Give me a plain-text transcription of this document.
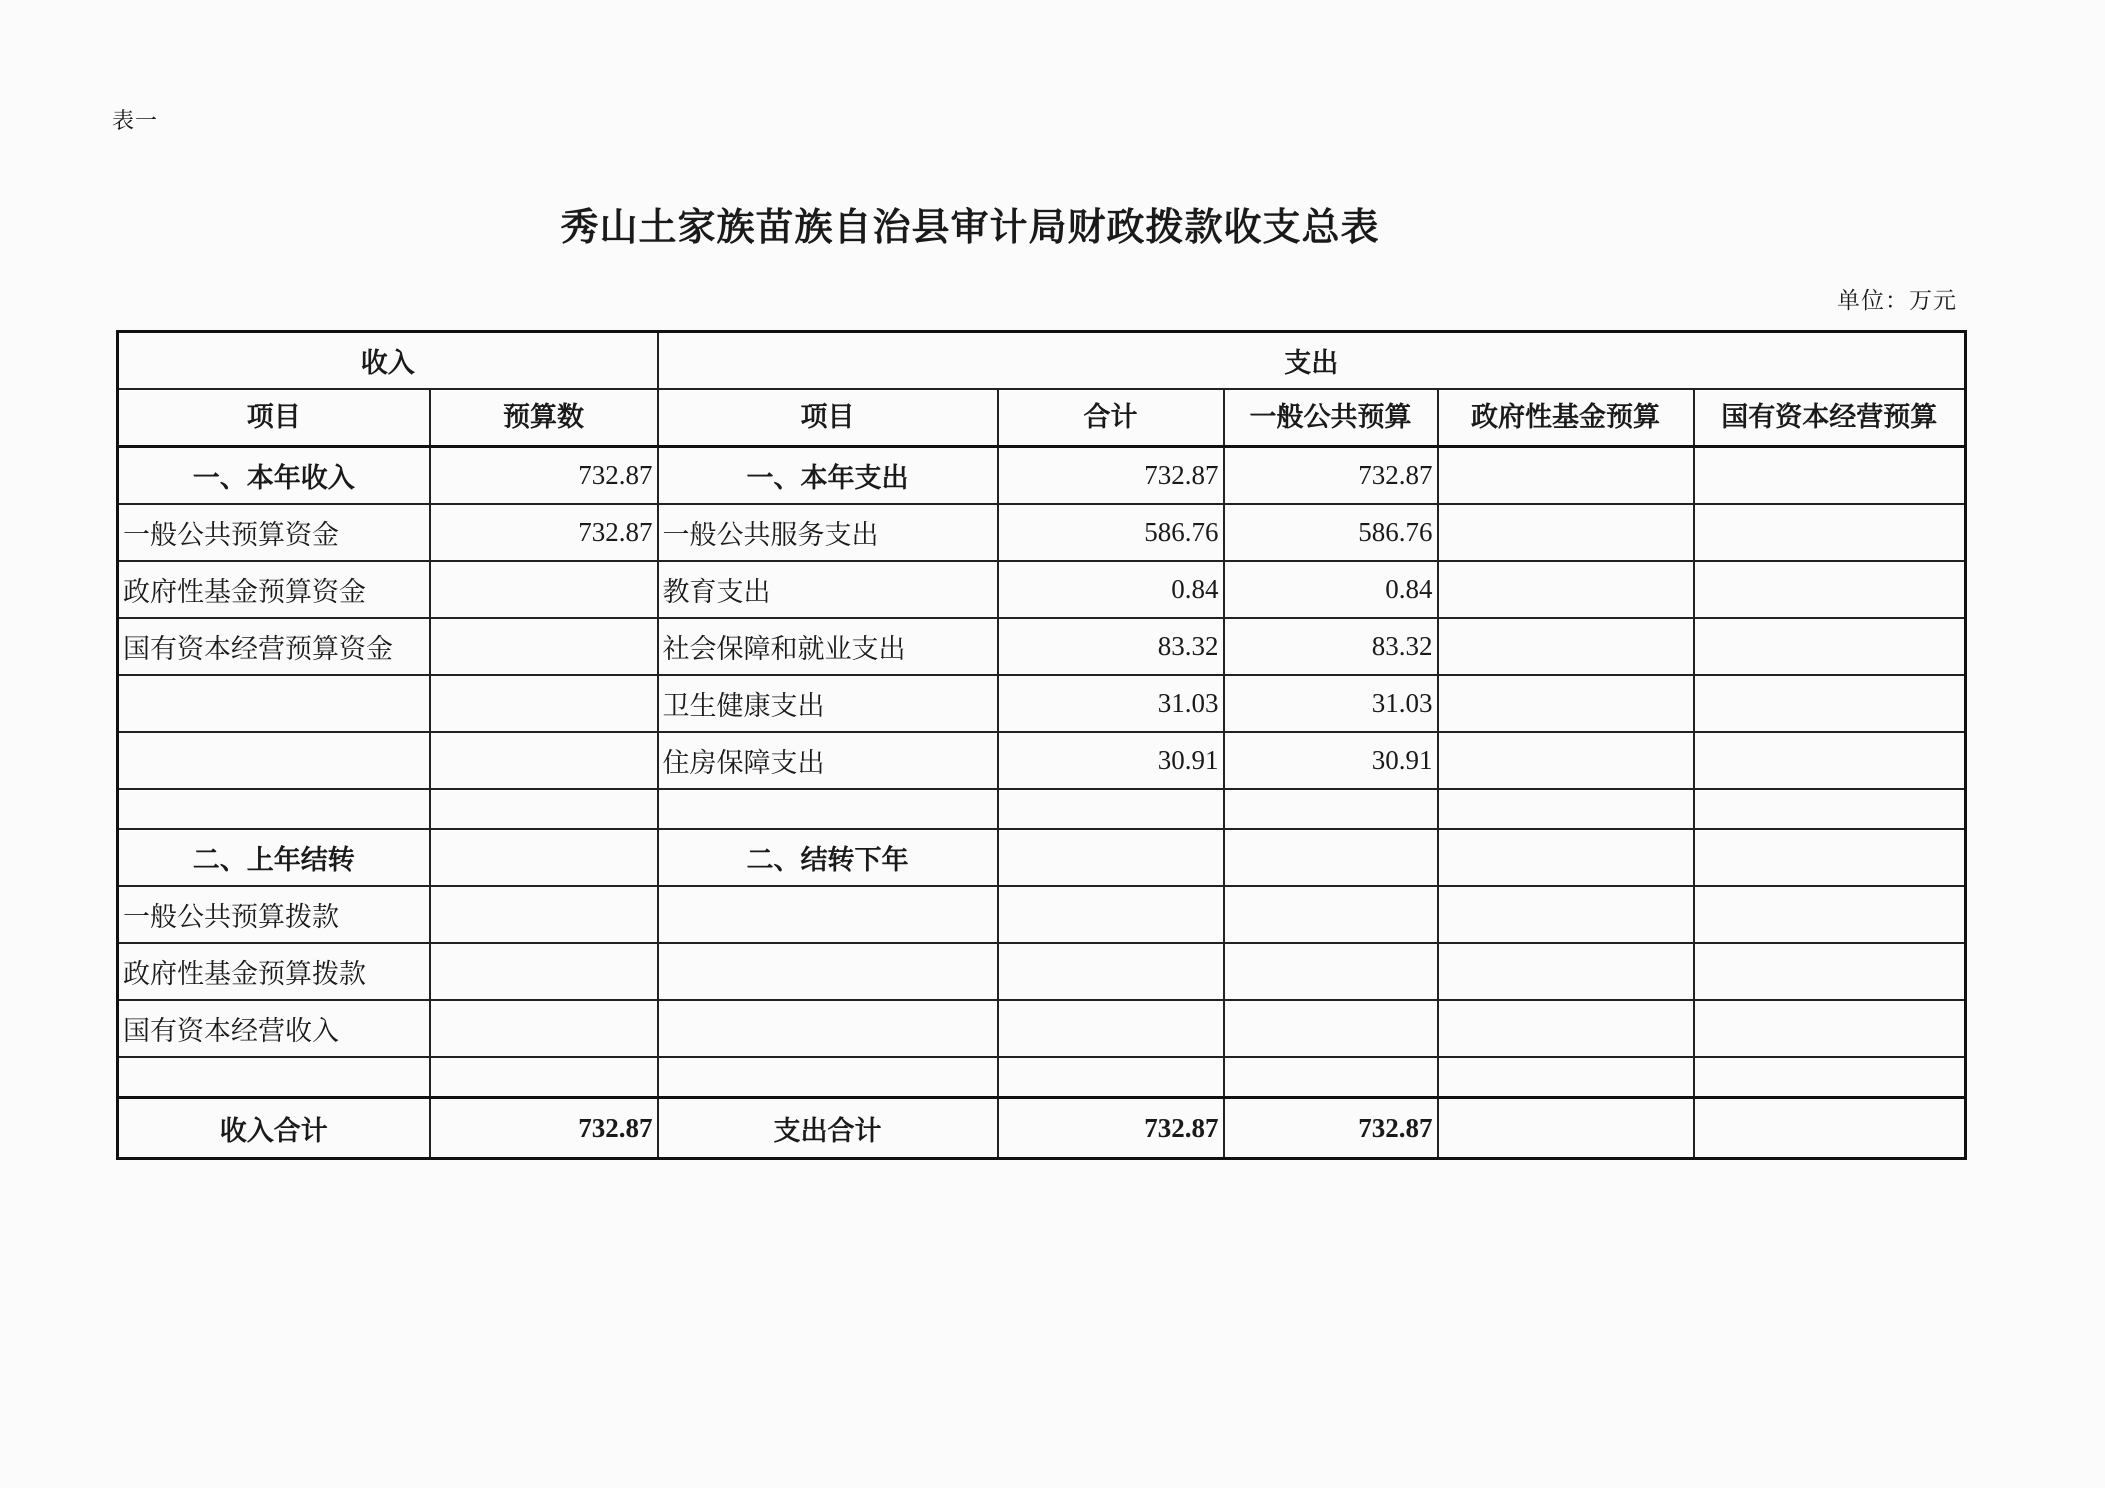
表一
秀山土家族苗族自治县审计局财政拨款收支总表
单位：万元
收入		支出				
项目	预算数	项目	合计	一般公共预算	政府性基金预算	国有资本经营预算
一、本年收入	732.87	一、本年支出	732.87	732.87		
一般公共预算资金	732.87	一般公共服务支出	586.76	586.76		
政府性基金预算资金		教育支出	0.84	0.84		
国有资本经营预算资金		社会保障和就业支出	83.32	83.32		
		卫生健康支出	31.03	31.03		
		住房保障支出	30.91	30.91		

二、上年结转		二、结转下年				
一般公共预算拨款						
政府性基金预算拨款						
国有资本经营收入						

收入合计	732.87	支出合计	732.87	732.87		
